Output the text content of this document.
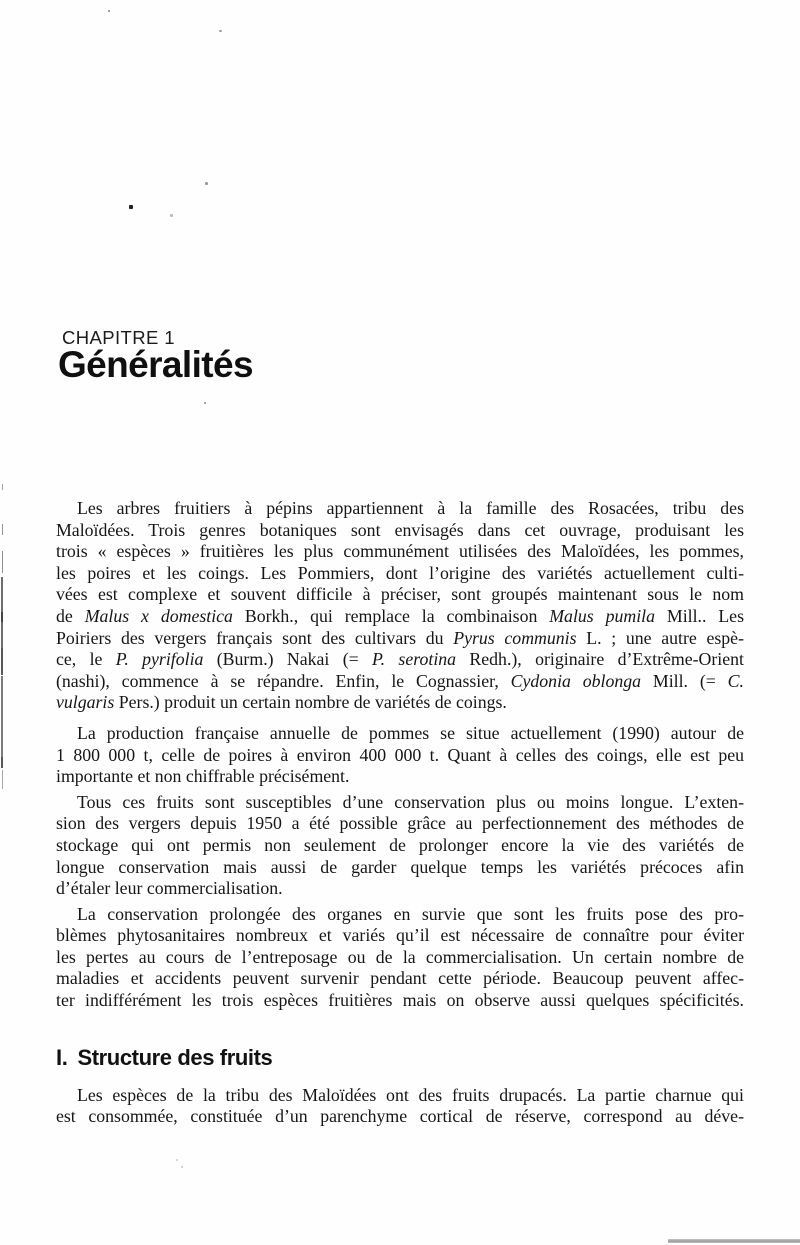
CHAPITRE 1
Généralités
Les arbres fruitiers à pépins appartiennent à la famille des Rosacées, tribu des
Maloïdées. Trois genres botaniques sont envisagés dans cet ouvrage, produisant les
trois « espèces » fruitières les plus communément utilisées des Maloïdées, les pommes,
les poires et les coings. Les Pommiers, dont l’origine des variétés actuellement culti-
vées est complexe et souvent difficile à préciser, sont groupés maintenant sous le nom
de Malus x domestica Borkh., qui remplace la combinaison Malus pumila Mill.. Les
Poiriers des vergers français sont des cultivars du Pyrus communis L. ; une autre espè-
ce, le P. pyrifolia (Burm.) Nakai (= P. serotina Redh.), originaire d’Extrême-Orient
(nashi), commence à se répandre. Enfin, le Cognassier, Cydonia oblonga Mill. (= C.
vulgaris Pers.) produit un certain nombre de variétés de coings.
La production française annuelle de pommes se situe actuellement (1990) autour de
1 800 000 t, celle de poires à environ 400 000 t. Quant à celles des coings, elle est peu
importante et non chiffrable précisément.
Tous ces fruits sont susceptibles d’une conservation plus ou moins longue. L’exten-
sion des vergers depuis 1950 a été possible grâce au perfectionnement des méthodes de
stockage qui ont permis non seulement de prolonger encore la vie des variétés de
longue conservation mais aussi de garder quelque temps les variétés précoces afin
d’étaler leur commercialisation.
La conservation prolongée des organes en survie que sont les fruits pose des pro-
blèmes phytosanitaires nombreux et variés qu’il est nécessaire de connaître pour éviter
les pertes au cours de l’entreposage ou de la commercialisation. Un certain nombre de
maladies et accidents peuvent survenir pendant cette période. Beaucoup peuvent affec-
ter indifférément les trois espèces fruitières mais on observe aussi quelques spécificités.
I. Structure des fruits
Les espèces de la tribu des Maloïdées ont des fruits drupacés. La partie charnue qui
est consommée, constituée d’un parenchyme cortical de réserve, correspond au déve-
